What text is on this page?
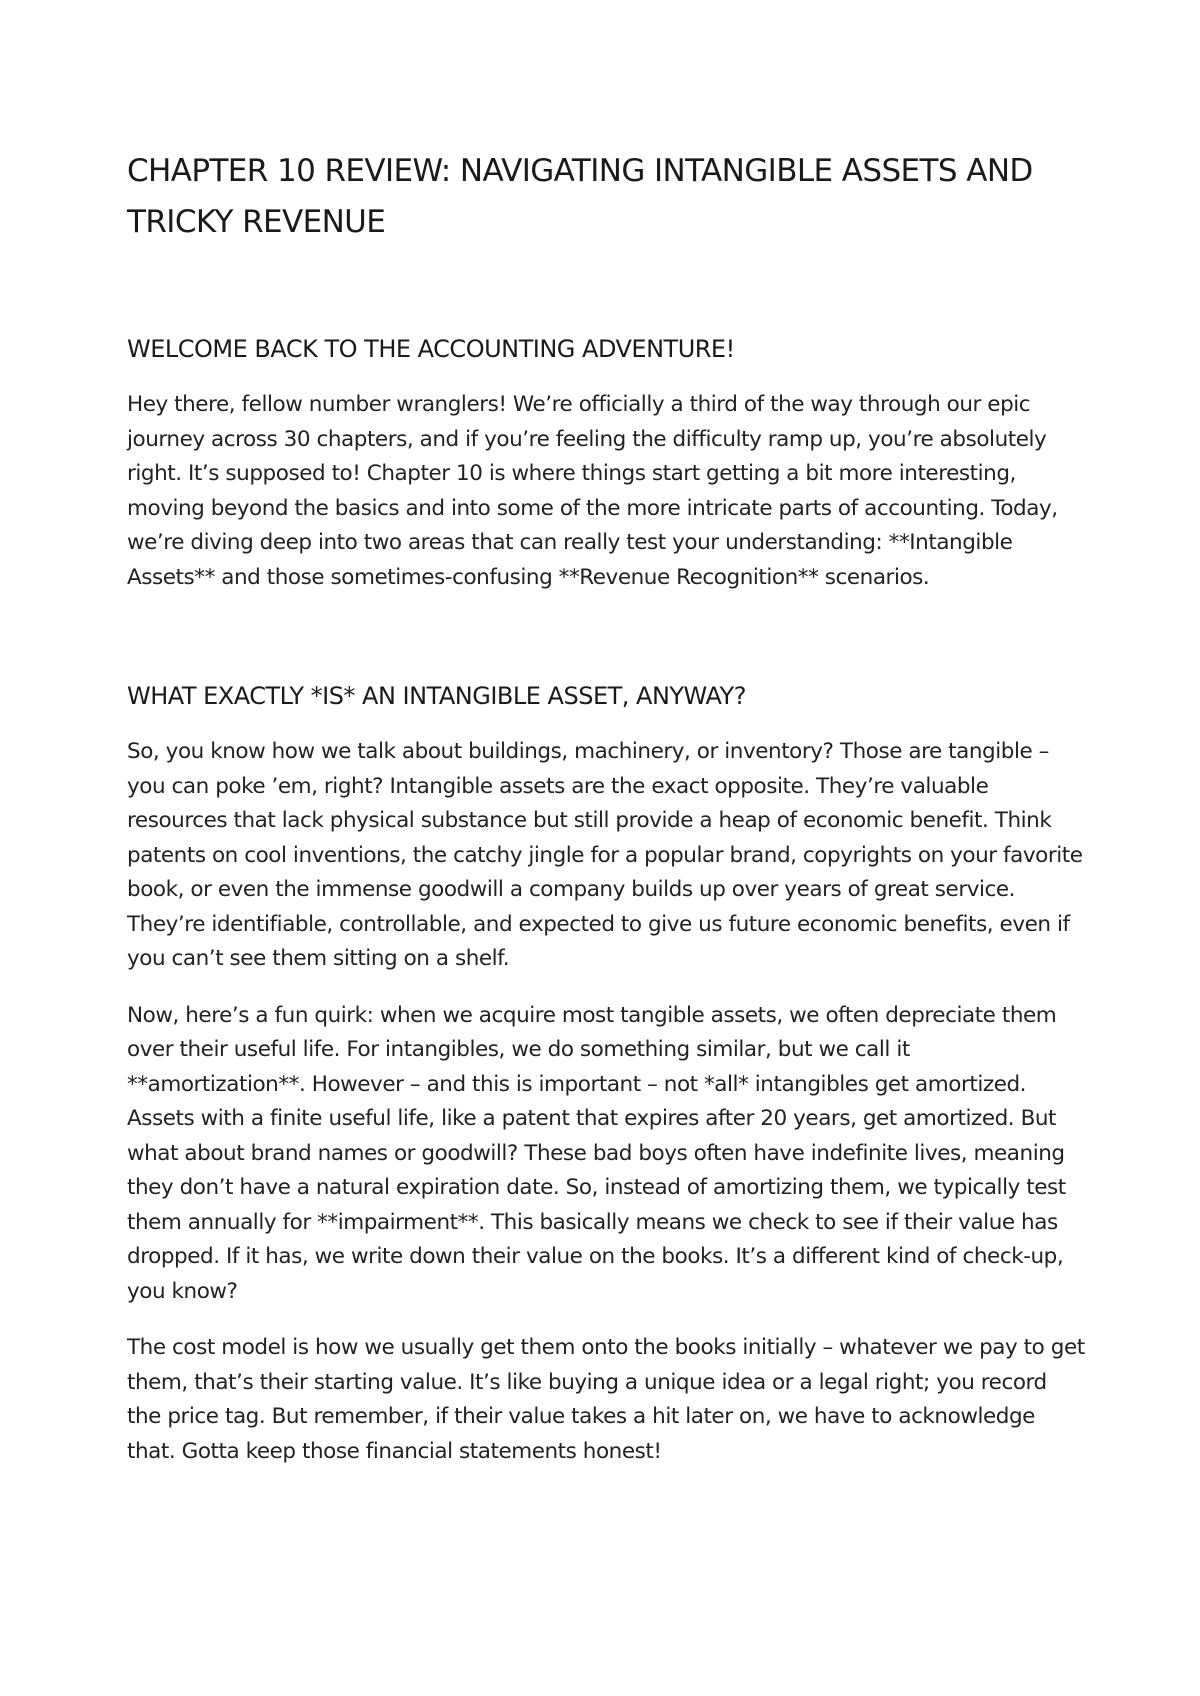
CHAPTER 10 REVIEW: NAVIGATING INTANGIBLE ASSETS AND TRICKY REVENUE
WELCOME BACK TO THE ACCOUNTING ADVENTURE!

Hey there, fellow number wranglers! We’re officially a third of the way through our epic journey across 30 chapters, and if you’re feeling the difficulty ramp up, you’re absolutely right. It’s supposed to! Chapter 10 is where things start getting a bit more interesting, moving beyond the basics and into some of the more intricate parts of accounting. Today, we’re diving deep into two areas that can really test your understanding: **Intangible Assets** and those sometimes-confusing **Revenue Recognition** scenarios.

WHAT EXACTLY *IS* AN INTANGIBLE ASSET, ANYWAY?

So, you know how we talk about buildings, machinery, or inventory? Those are tangible – you can poke ’em, right? Intangible assets are the exact opposite. They’re valuable resources that lack physical substance but still provide a heap of economic benefit. Think patents on cool inventions, the catchy jingle for a popular brand, copyrights on your favorite book, or even the immense goodwill a company builds up over years of great service. They’re identifiable, controllable, and expected to give us future economic benefits, even if you can’t see them sitting on a shelf.

Now, here’s a fun quirk: when we acquire most tangible assets, we often depreciate them over their useful life. For intangibles, we do something similar, but we call it **amortization**. However – and this is important – not *all* intangibles get amortized. Assets with a finite useful life, like a patent that expires after 20 years, get amortized. But what about brand names or goodwill? These bad boys often have indefinite lives, meaning they don’t have a natural expiration date. So, instead of amortizing them, we typically test them annually for **impairment**. This basically means we check to see if their value has dropped. If it has, we write down their value on the books. It’s a different kind of check-up, you know?

The cost model is how we usually get them onto the books initially – whatever we pay to get them, that’s their starting value. It’s like buying a unique idea or a legal right; you record the price tag. But remember, if their value takes a hit later on, we have to acknowledge that. Gotta keep those financial statements honest!
